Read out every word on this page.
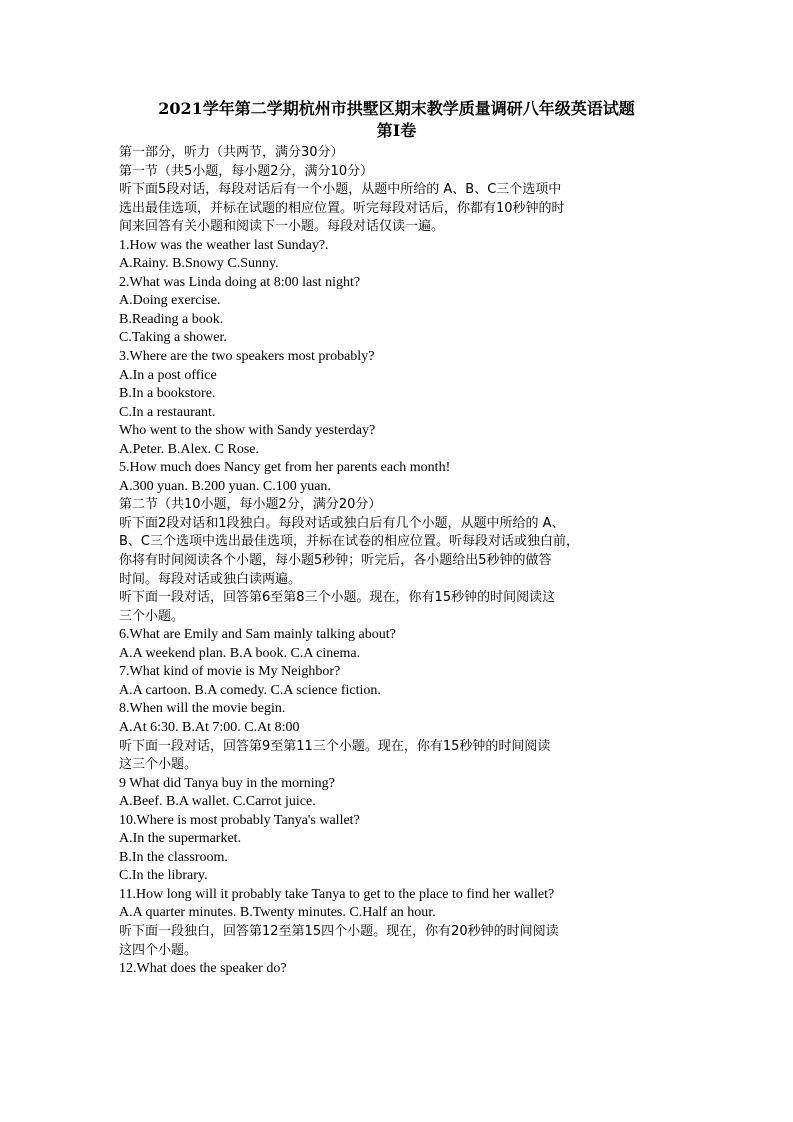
2021学年第二学期杭州市拱墅区期末教学质量调研八年级英语试题
第I卷
第一部分，听力（共两节，满分30分）
第一节（共5小题，每小题2分，满分10分）
听下面5段对话，每段对话后有一个小题，从题中所给的 A、B、C三个选项中
选出最佳选项，并标在试题的相应位置。听完每段对话后，你都有10秒钟的时
间来回答有关小题和阅读下一小题。每段对话仅读一遍。
1.How was the weather last Sunday?.
A.Rainy. B.Snowy C.Sunny.
2.What was Linda doing at 8:00 last night?
A.Doing exercise.
B.Reading a book.
C.Taking a shower.
3.Where are the two speakers most probably?
A.In a post office
B.In a bookstore.
C.In a restaurant.
Who went to the show with Sandy yesterday?
A.Peter. B.Alex. C Rose.
5.How much does Nancy get from her parents each month!
A.300 yuan. B.200 yuan. C.100 yuan.
第二节（共10小题，每小题2分，满分20分）
听下面2段对话和1段独白。每段对话或独白后有几个小题，从题中所给的 A、
B、C三个选项中选出最佳选项，并标在试卷的相应位置。听每段对话或独白前，
你将有时间阅读各个小题，每小题5秒钟；听完后，各小题给出5秒钟的做答
时间。每段对话或独白读两遍。
听下面一段对话，回答第6至第8三个小题。现在，你有15秒钟的时间阅读这
三个小题。
6.What are Emily and Sam mainly talking about?
A.A weekend plan. B.A book. C.A cinema.
7.What kind of movie is My Neighbor?
A.A cartoon. B.A comedy. C.A science fiction.
8.When will the movie begin.
A.At 6:30. B.At 7:00. C.At 8:00
听下面一段对话，回答第9至第11三个小题。现在，你有15秒钟的时间阅读
这三个小题。
9 What did Tanya buy in the morning?
A.Beef. B.A wallet. C.Carrot juice.
10.Where is most probably Tanya's wallet?
A.In the supermarket.
B.In the classroom.
C.In the library.
11.How long will it probably take Tanya to get to the place to find her wallet?
A.A quarter minutes. B.Twenty minutes. C.Half an hour.
听下面一段独白，回答第12至第15四个小题。现在，你有20秒钟的时间阅读
这四个小题。
12.What does the speaker do?
